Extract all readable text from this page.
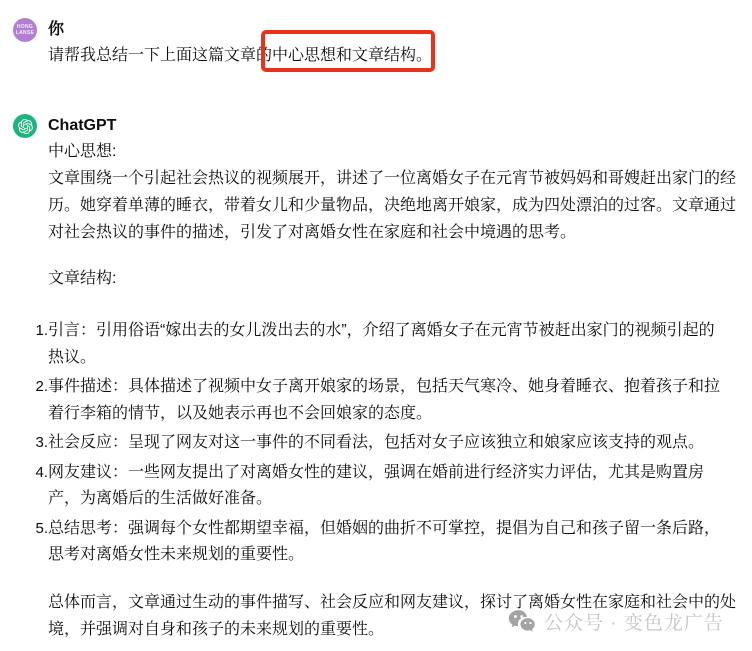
HONG
LANSE 你
请帮我总结一下上面这篇文章的
中心思想和文章结构。
ChatGPT
中心思想:
文章围绕一个引起社会热议的视频展开，讲述了一位离婚女子在元宵节被妈妈和哥嫂赶出家门的经历。她穿着单薄的睡衣，带着女儿和少量物品，决绝地离开娘家，成为四处漂泊的过客。文章通过对社会热议的事件的描述，引发了对离婚女性在家庭和社会中境遇的思考。
文章结构:
1. 引言：引用俗语“嫁出去的女儿泼出去的水”，介绍了离婚女子在元宵节被赶出家门的视频引起的热议。
2. 事件描述：具体描述了视频中女子离开娘家的场景，包括天气寒冷、她身着睡衣、抱着孩子和拉着行李箱的情节，以及她表示再也不会回娘家的态度。
3. 社会反应：呈现了网友对这一事件的不同看法，包括对女子应该独立和娘家应该支持的观点。
4. 网友建议：一些网友提出了对离婚女性的建议，强调在婚前进行经济实力评估，尤其是购置房产，为离婚后的生活做好准备。
5. 总结思考：强调每个女性都期望幸福，但婚姻的曲折不可掌控，提倡为自己和孩子留一条后路，思考对离婚女性未来规划的重要性。
总体而言，文章通过生动的事件描写、社会反应和网友建议，探讨了离婚女性在家庭和社会中的处境，并强调对自身和孩子的未来规划的重要性。	公众号 · 变色龙广告
